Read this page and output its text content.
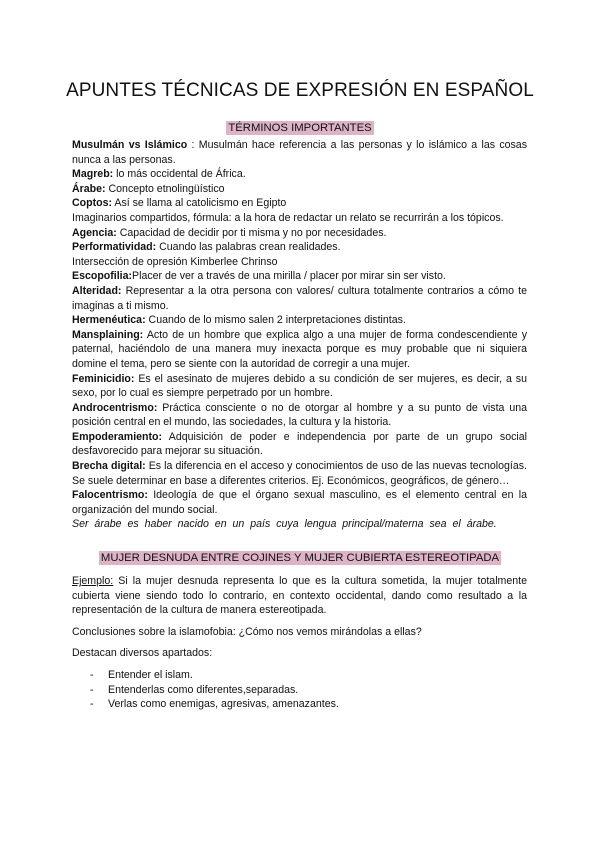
APUNTES TÉCNICAS DE EXPRESIÓN EN ESPAÑOL
TÉRMINOS IMPORTANTES

Musulmán vs Islámico : Musulmán hace referencia a las personas y lo islámico a las cosas nunca a las personas.

Magreb: lo más occidental de África.

Árabe: Concepto etnolingüístico

Coptos: Así se llama al catolicismo en Egipto

Imaginarios compartidos, fórmula: a la hora de redactar un relato se recurrirán a los tópicos.

Agencia: Capacidad de decidir por ti misma y no por necesidades.

Performatividad: Cuando las palabras crean realidades.

Intersección de opresión Kimberlee Chrinso

Escopofilia:Placer de ver a través de una mirilla / placer por mirar sin ser visto.

Alteridad: Representar a la otra persona con valores/ cultura totalmente contrarios a cómo te imaginas a ti mismo.

Hermenéutica: Cuando de lo mismo salen 2 interpretaciones distintas.

Mansplaining: Acto de un hombre que explica algo a una mujer de forma condescendiente y paternal, haciéndolo de una manera muy inexacta porque es muy probable que ni siquiera domine el tema, pero se siente con la autoridad de corregir a una mujer.

Feminicidio: Es el asesinato de mujeres debido a su condición de ser mujeres, es decir, a su sexo, por lo cual es siempre perpetrado por un hombre.

Androcentrismo: Práctica consciente o no de otorgar al hombre y a su punto de vista una posición central en el mundo, las sociedades, la cultura y la historia.

Empoderamiento: Adquisición de poder e independencia por parte de un grupo social desfavorecido para mejorar su situación.

Brecha digital: Es la diferencia en el acceso y conocimientos de uso de las nuevas tecnologías. Se suele determinar en base a diferentes criterios. Ej. Económicos, geográficos, de género…

Falocentrismo: Ideología de que el órgano sexual masculino, es el elemento central en la organización del mundo social.

Ser árabe es haber nacido en un país cuya lengua principal/materna sea el árabe.

MUJER DESNUDA ENTRE COJINES Y MUJER CUBIERTA ESTEREOTIPADA

Ejemplo: Si la mujer desnuda representa lo que es la cultura sometida, la mujer totalmente cubierta viene siendo todo lo contrario, en contexto occidental, dando como resultado a la representación de la cultura de manera estereotipada.

Conclusiones sobre la islamofobia: ¿Cómo nos vemos mirándolas a ellas?

Destacan diversos apartados:

- Entender el islam.
- Entenderlas como diferentes,separadas.
- Verlas como enemigas, agresivas, amenazantes.
